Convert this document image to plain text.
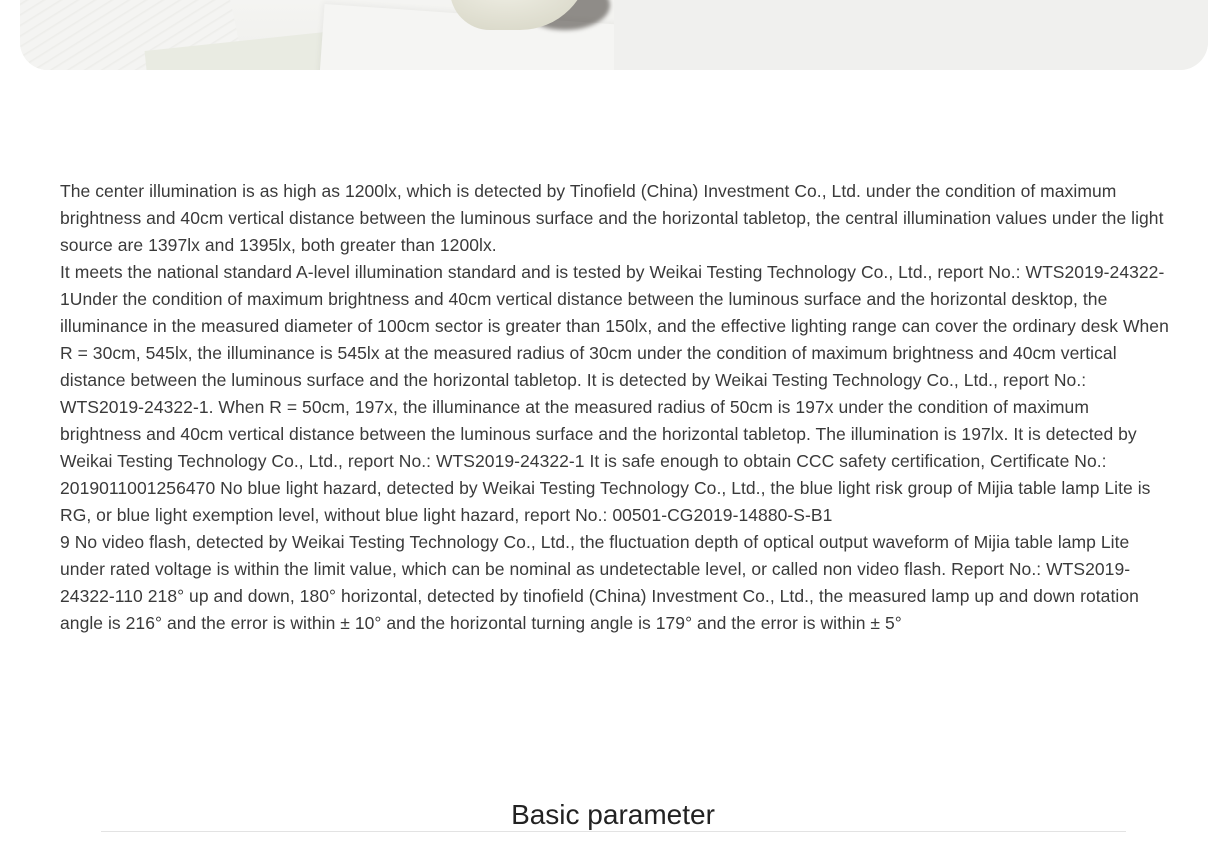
The center illumination is as high as 1200lx, which is detected by Tinofield (China) Investment Co., Ltd. under the condition of maximum brightness and 40cm vertical distance between the luminous surface and the horizontal tabletop, the central illumination values under the light source are 1397lx and 1395lx, both greater than 1200lx.

It meets the national standard A-level illumination standard and is tested by Weikai Testing Technology Co., Ltd., report No.: WTS2019-24322-1Under the condition of maximum brightness and 40cm vertical distance between the luminous surface and the horizontal desktop, the illuminance in the measured diameter of 100cm sector is greater than 150lx, and the effective lighting range can cover the ordinary desk When R = 30cm, 545lx, the illuminance is 545lx at the measured radius of 30cm under the condition of maximum brightness and 40cm vertical distance between the luminous surface and the horizontal tabletop. It is detected by Weikai Testing Technology Co., Ltd., report No.: WTS2019-24322-1. When R = 50cm, 197x, the illuminance at the measured radius of 50cm is 197x under the condition of maximum brightness and 40cm vertical distance between the luminous surface and the horizontal tabletop. The illumination is 197lx. It is detected by Weikai Testing Technology Co., Ltd., report No.: WTS2019-24322-1 It is safe enough to obtain CCC safety certification, Certificate No.: 2019011001256470 No blue light hazard, detected by Weikai Testing Technology Co., Ltd., the blue light risk group of Mijia table lamp Lite is RG, or blue light exemption level, without blue light hazard, report No.: 00501-CG2019-14880-S-B1

9 No video flash, detected by Weikai Testing Technology Co., Ltd., the fluctuation depth of optical output waveform of Mijia table lamp Lite under rated voltage is within the limit value, which can be nominal as undetectable level, or called non video flash. Report No.: WTS2019-24322-110 218° up and down, 180° horizontal, detected by tinofield (China) Investment Co., Ltd., the measured lamp up and down rotation angle is 216° and the error is within ± 10° and the horizontal turning angle is 179° and the error is within ± 5°

Basic parameter
